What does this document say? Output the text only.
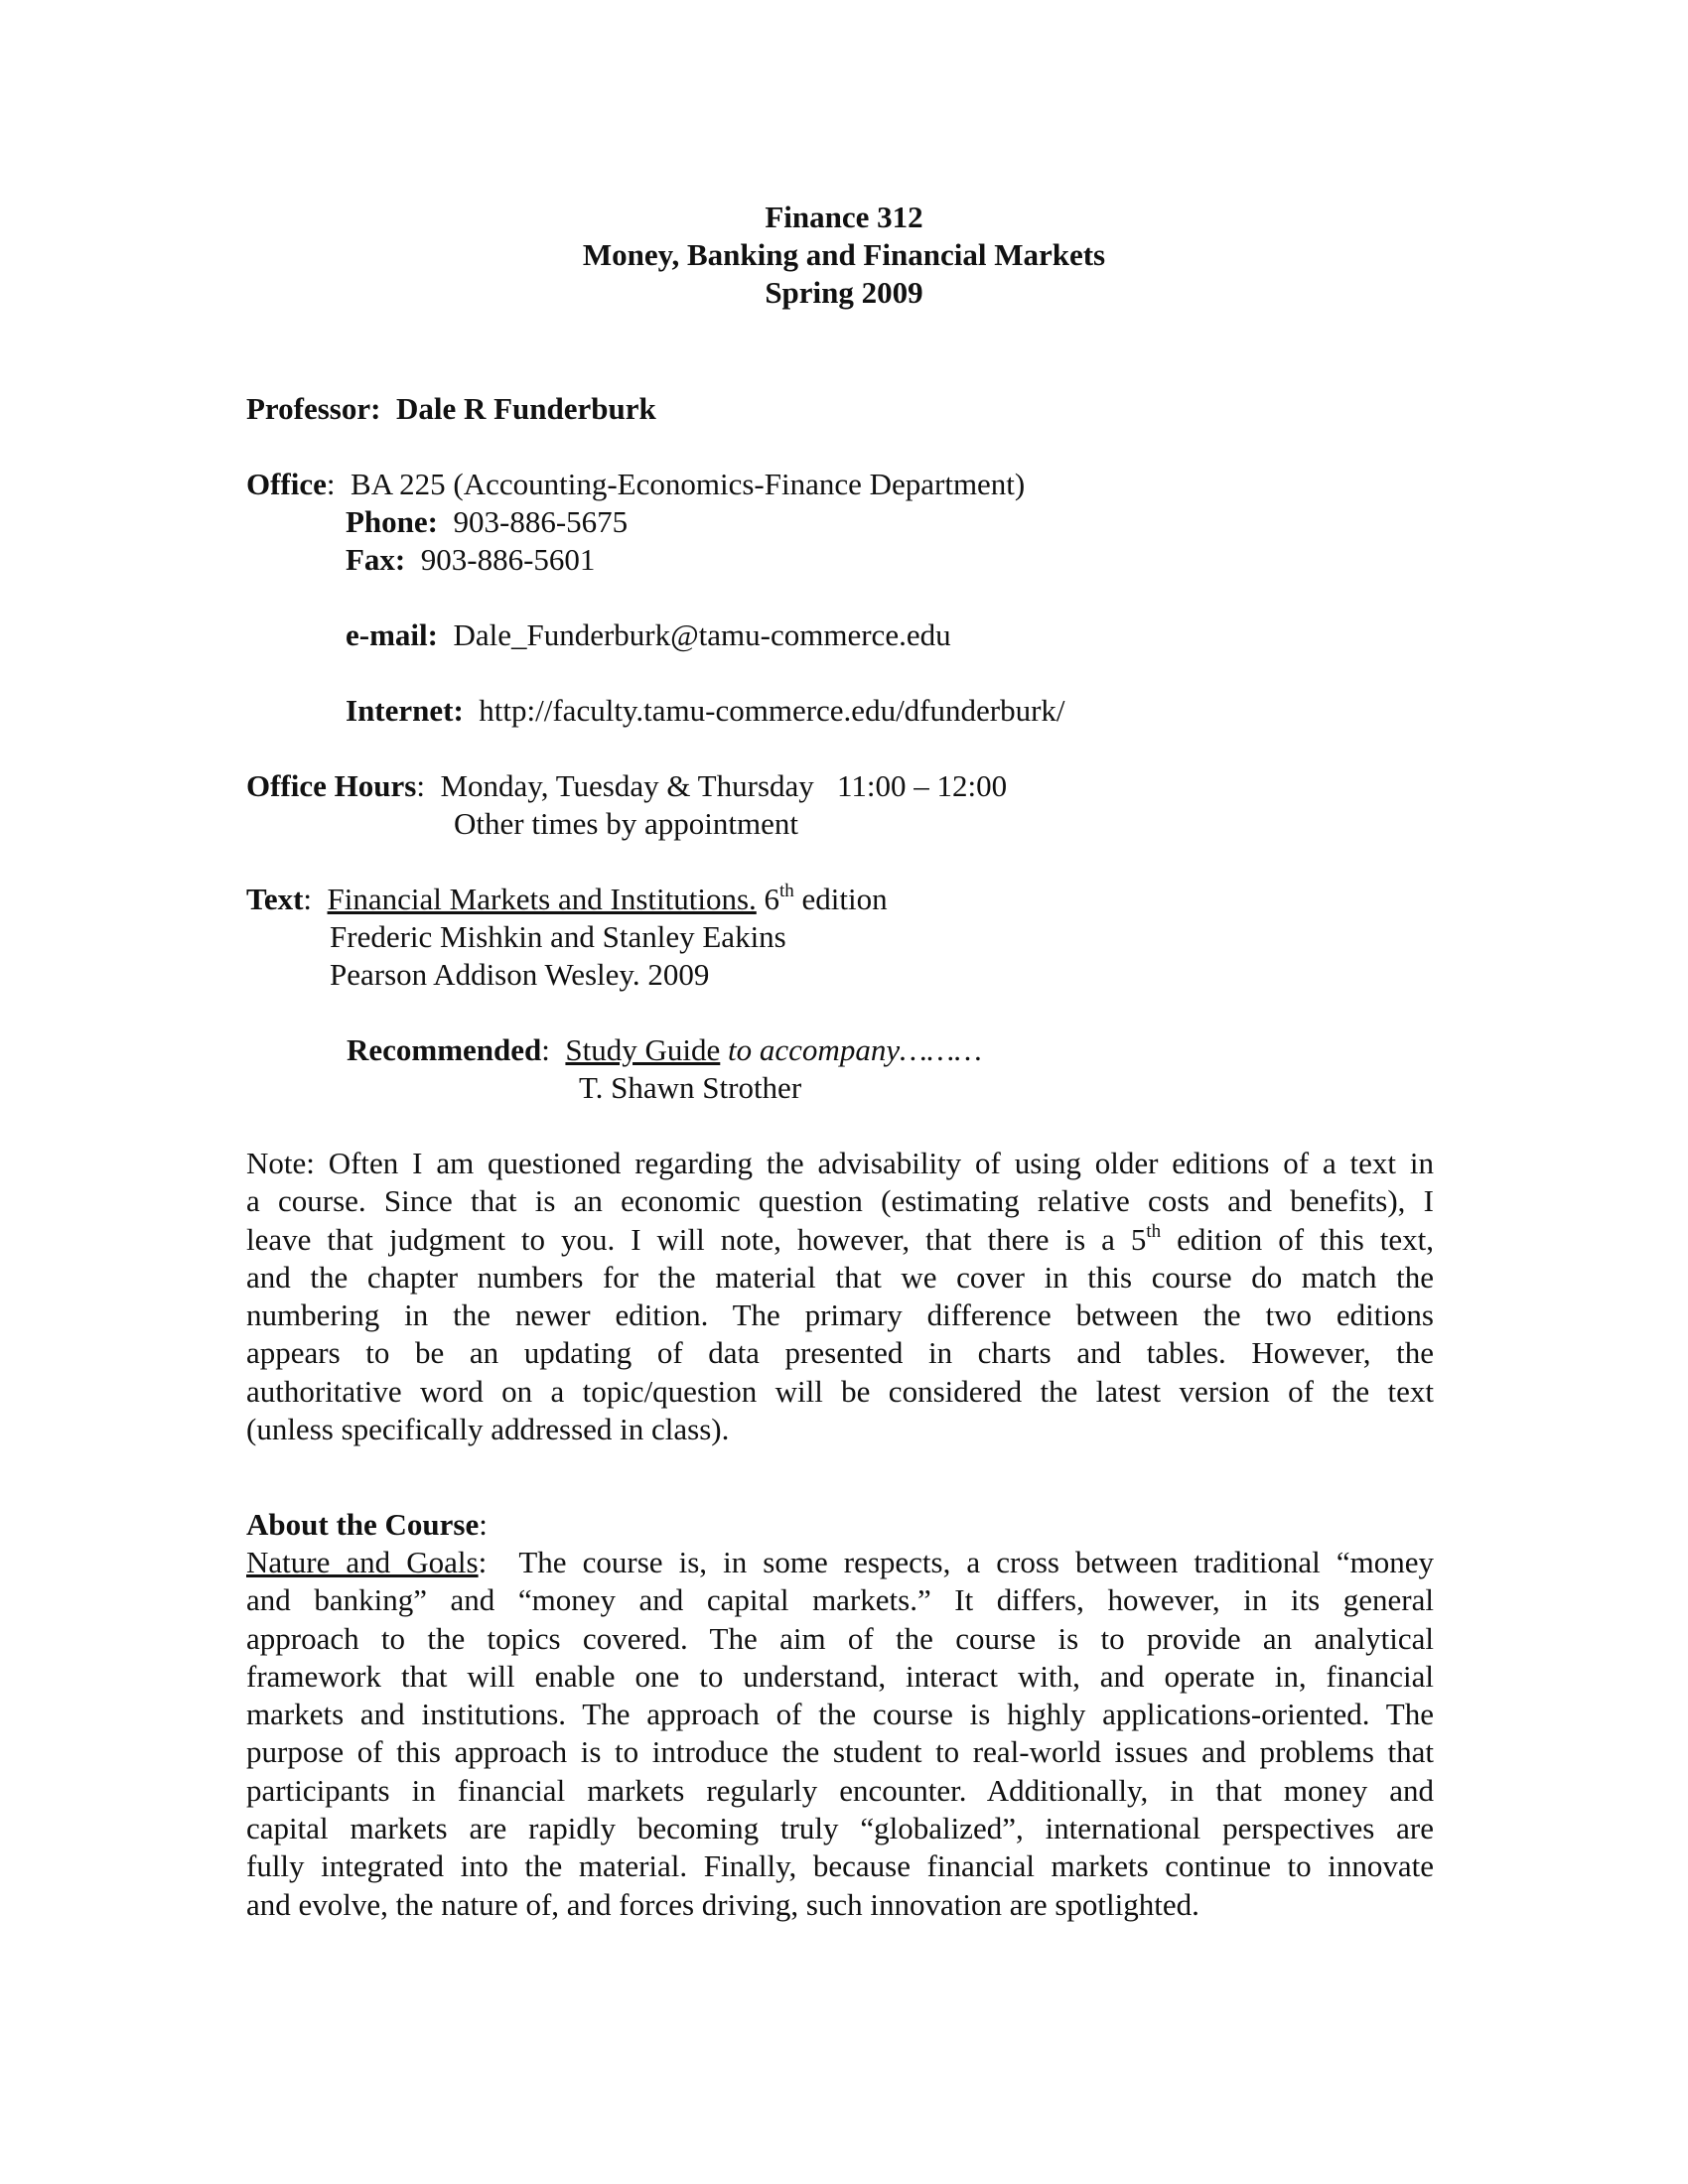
Finance 312
Money, Banking and Financial Markets
Spring 2009
Professor: Dale R Funderburk
Office:  BA 225 (Accounting-Economics-Finance Department)
Phone: 903-886-5675
Fax: 903-886-5601
e-mail: Dale_Funderburk@tamu-commerce.edu
Internet: http://faculty.tamu-commerce.edu/dfunderburk/
Office Hours:  Monday, Tuesday & Thursday 11:00 – 12:00
Other times by appointment
Text:  Financial Markets and Institutions. 6th edition
Frederic Mishkin and Stanley Eakins
Pearson Addison Wesley. 2009
Recommended:  Study Guide to accompany………
T. Shawn Strother
Note: Often I am questioned regarding the advisability of using older editions of a text in
a course. Since that is an economic question (estimating relative costs and benefits), I
leave that judgment to you. I will note, however, that there is a 5th edition of this text,
and the chapter numbers for the material that we cover in this course do match the
numbering in the newer edition. The primary difference between the two editions
appears to be an updating of data presented in charts and tables. However, the
authoritative word on a topic/question will be considered the latest version of the text
(unless specifically addressed in class).
About the Course:
Nature and Goals:  The course is, in some respects, a cross between traditional “money
and banking” and “money and capital markets.” It differs, however, in its general
approach to the topics covered. The aim of the course is to provide an analytical
framework that will enable one to understand, interact with, and operate in, financial
markets and institutions. The approach of the course is highly applications-oriented. The
purpose of this approach is to introduce the student to real-world issues and problems that
participants in financial markets regularly encounter. Additionally, in that money and
capital markets are rapidly becoming truly “globalized”, international perspectives are
fully integrated into the material. Finally, because financial markets continue to innovate
and evolve, the nature of, and forces driving, such innovation are spotlighted.
